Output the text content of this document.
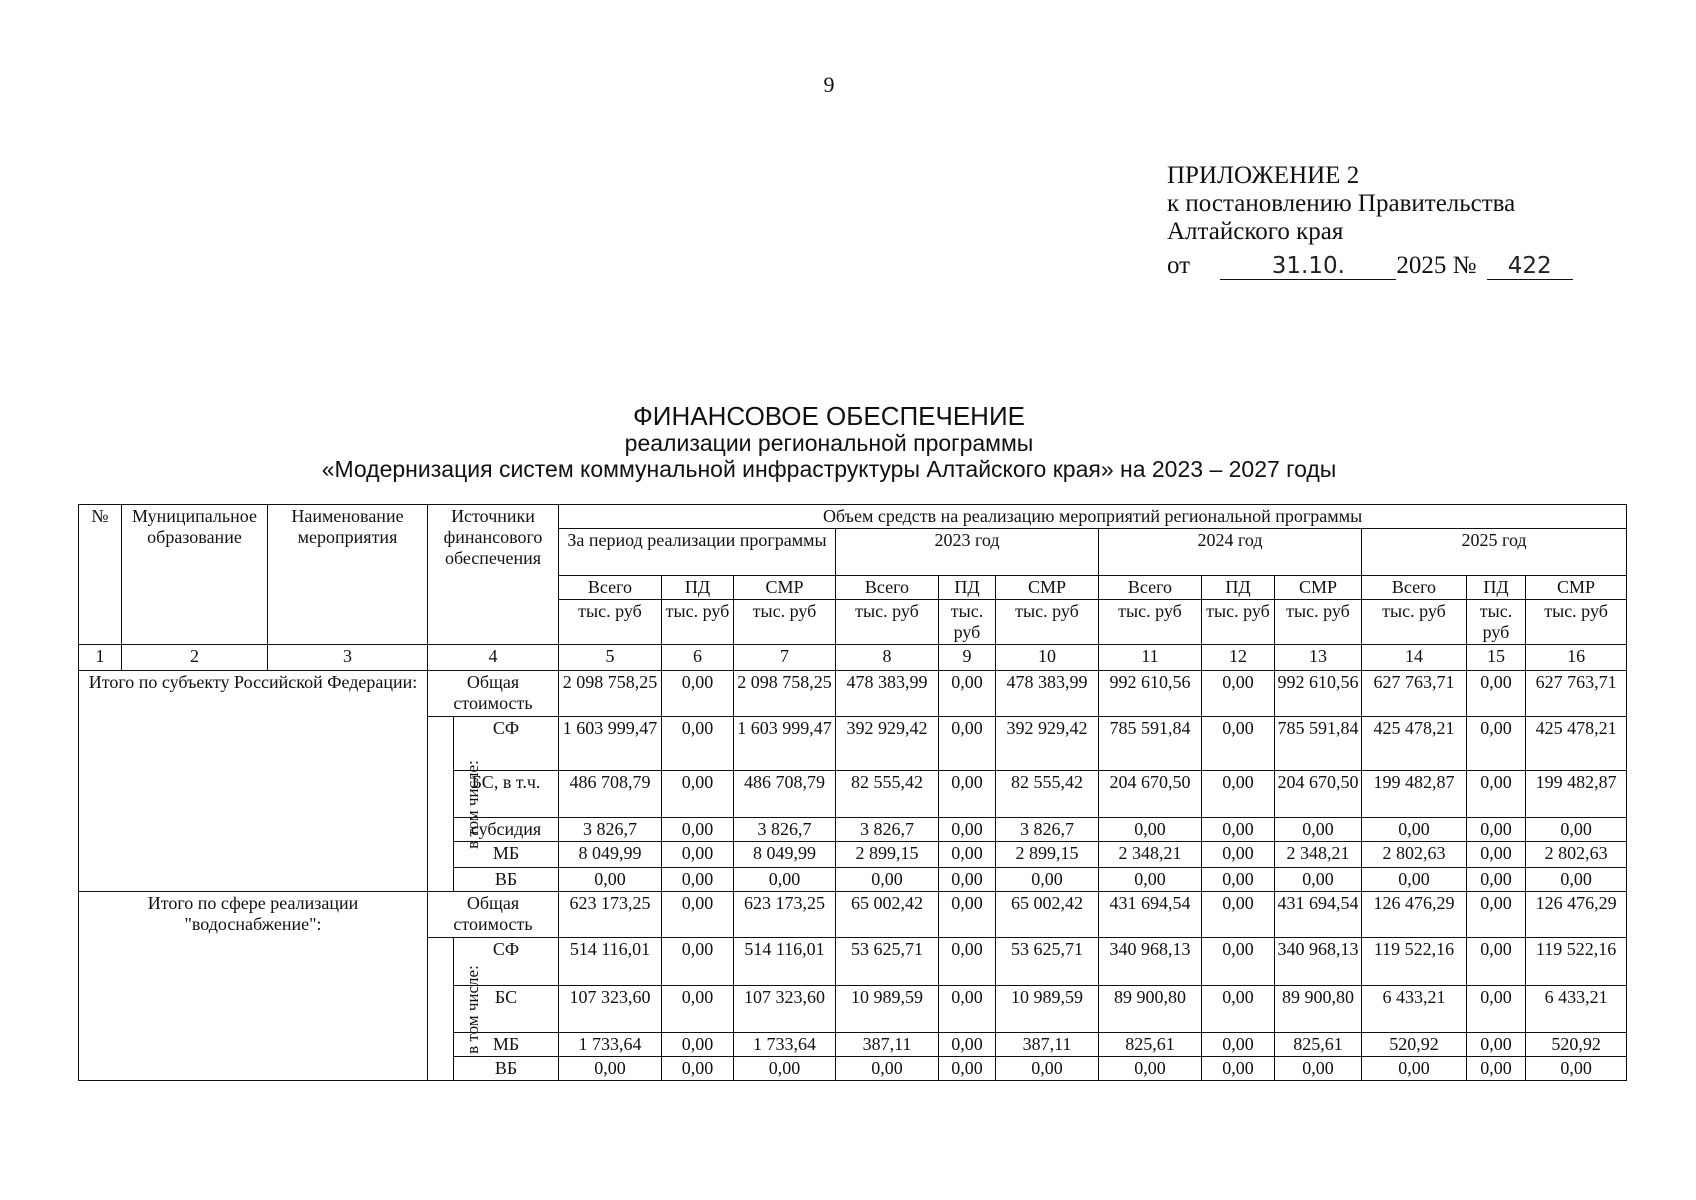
9
ПРИЛОЖЕНИЕ 2
к постановлению Правительства
Алтайского края
от	31.10. 2025 № 422
ФИНАНСОВОЕ ОБЕСПЕЧЕНИЕ
реализации региональной программы
«Модернизация систем коммунальной инфраструктуры Алтайского края» на 2023 – 2027 годы
№	Муниципальное образование	Наименование мероприятия	Источники финансового обеспечения		Объем средств на реализацию мероприятий региональной программы											
					За период реализации программы			2023 год			2024 год			2025 год		
					Всего	ПД	СМР	Всего	ПД	СМР	Всего	ПД	СМР	Всего	ПД	СМР
					тыс. руб	тыс. руб	тыс. руб	тыс. руб	тыс. руб	тыс. руб	тыс. руб	тыс. руб	тыс. руб	тыс. руб	тыс. руб	тыс. руб
1	2	3	4		5	6	7	8	9	10	11	12	13	14	15	16
Итого по субъекту Российской Федерации:			Общая стоимость		2 098 758,25	0,00	2 098 758,25	478 383,99	0,00	478 383,99	992 610,56	0,00	992 610,56	627 763,71	0,00	627 763,71
			в том числе:	СФ	1 603 999,47	0,00	1 603 999,47	392 929,42	0,00	392 929,42	785 591,84	0,00	785 591,84	425 478,21	0,00	425 478,21
				БС, в т.ч.	486 708,79	0,00	486 708,79	82 555,42	0,00	82 555,42	204 670,50	0,00	204 670,50	199 482,87	0,00	199 482,87
				субсидия	3 826,7	0,00	3 826,7	3 826,7	0,00	3 826,7	0,00	0,00	0,00	0,00	0,00	0,00
				МБ	8 049,99	0,00	8 049,99	2 899,15	0,00	2 899,15	2 348,21	0,00	2 348,21	2 802,63	0,00	2 802,63
				ВБ	0,00	0,00	0,00	0,00	0,00	0,00	0,00	0,00	0,00	0,00	0,00	0,00
Итого по сфере реализации "водоснабжение":			Общая стоимость		623 173,25	0,00	623 173,25	65 002,42	0,00	65 002,42	431 694,54	0,00	431 694,54	126 476,29	0,00	126 476,29
			в том числе:	СФ	514 116,01	0,00	514 116,01	53 625,71	0,00	53 625,71	340 968,13	0,00	340 968,13	119 522,16	0,00	119 522,16
				БС	107 323,60	0,00	107 323,60	10 989,59	0,00	10 989,59	89 900,80	0,00	89 900,80	6 433,21	0,00	6 433,21
				МБ	1 733,64	0,00	1 733,64	387,11	0,00	387,11	825,61	0,00	825,61	520,92	0,00	520,92
				ВБ	0,00	0,00	0,00	0,00	0,00	0,00	0,00	0,00	0,00	0,00	0,00	0,00
